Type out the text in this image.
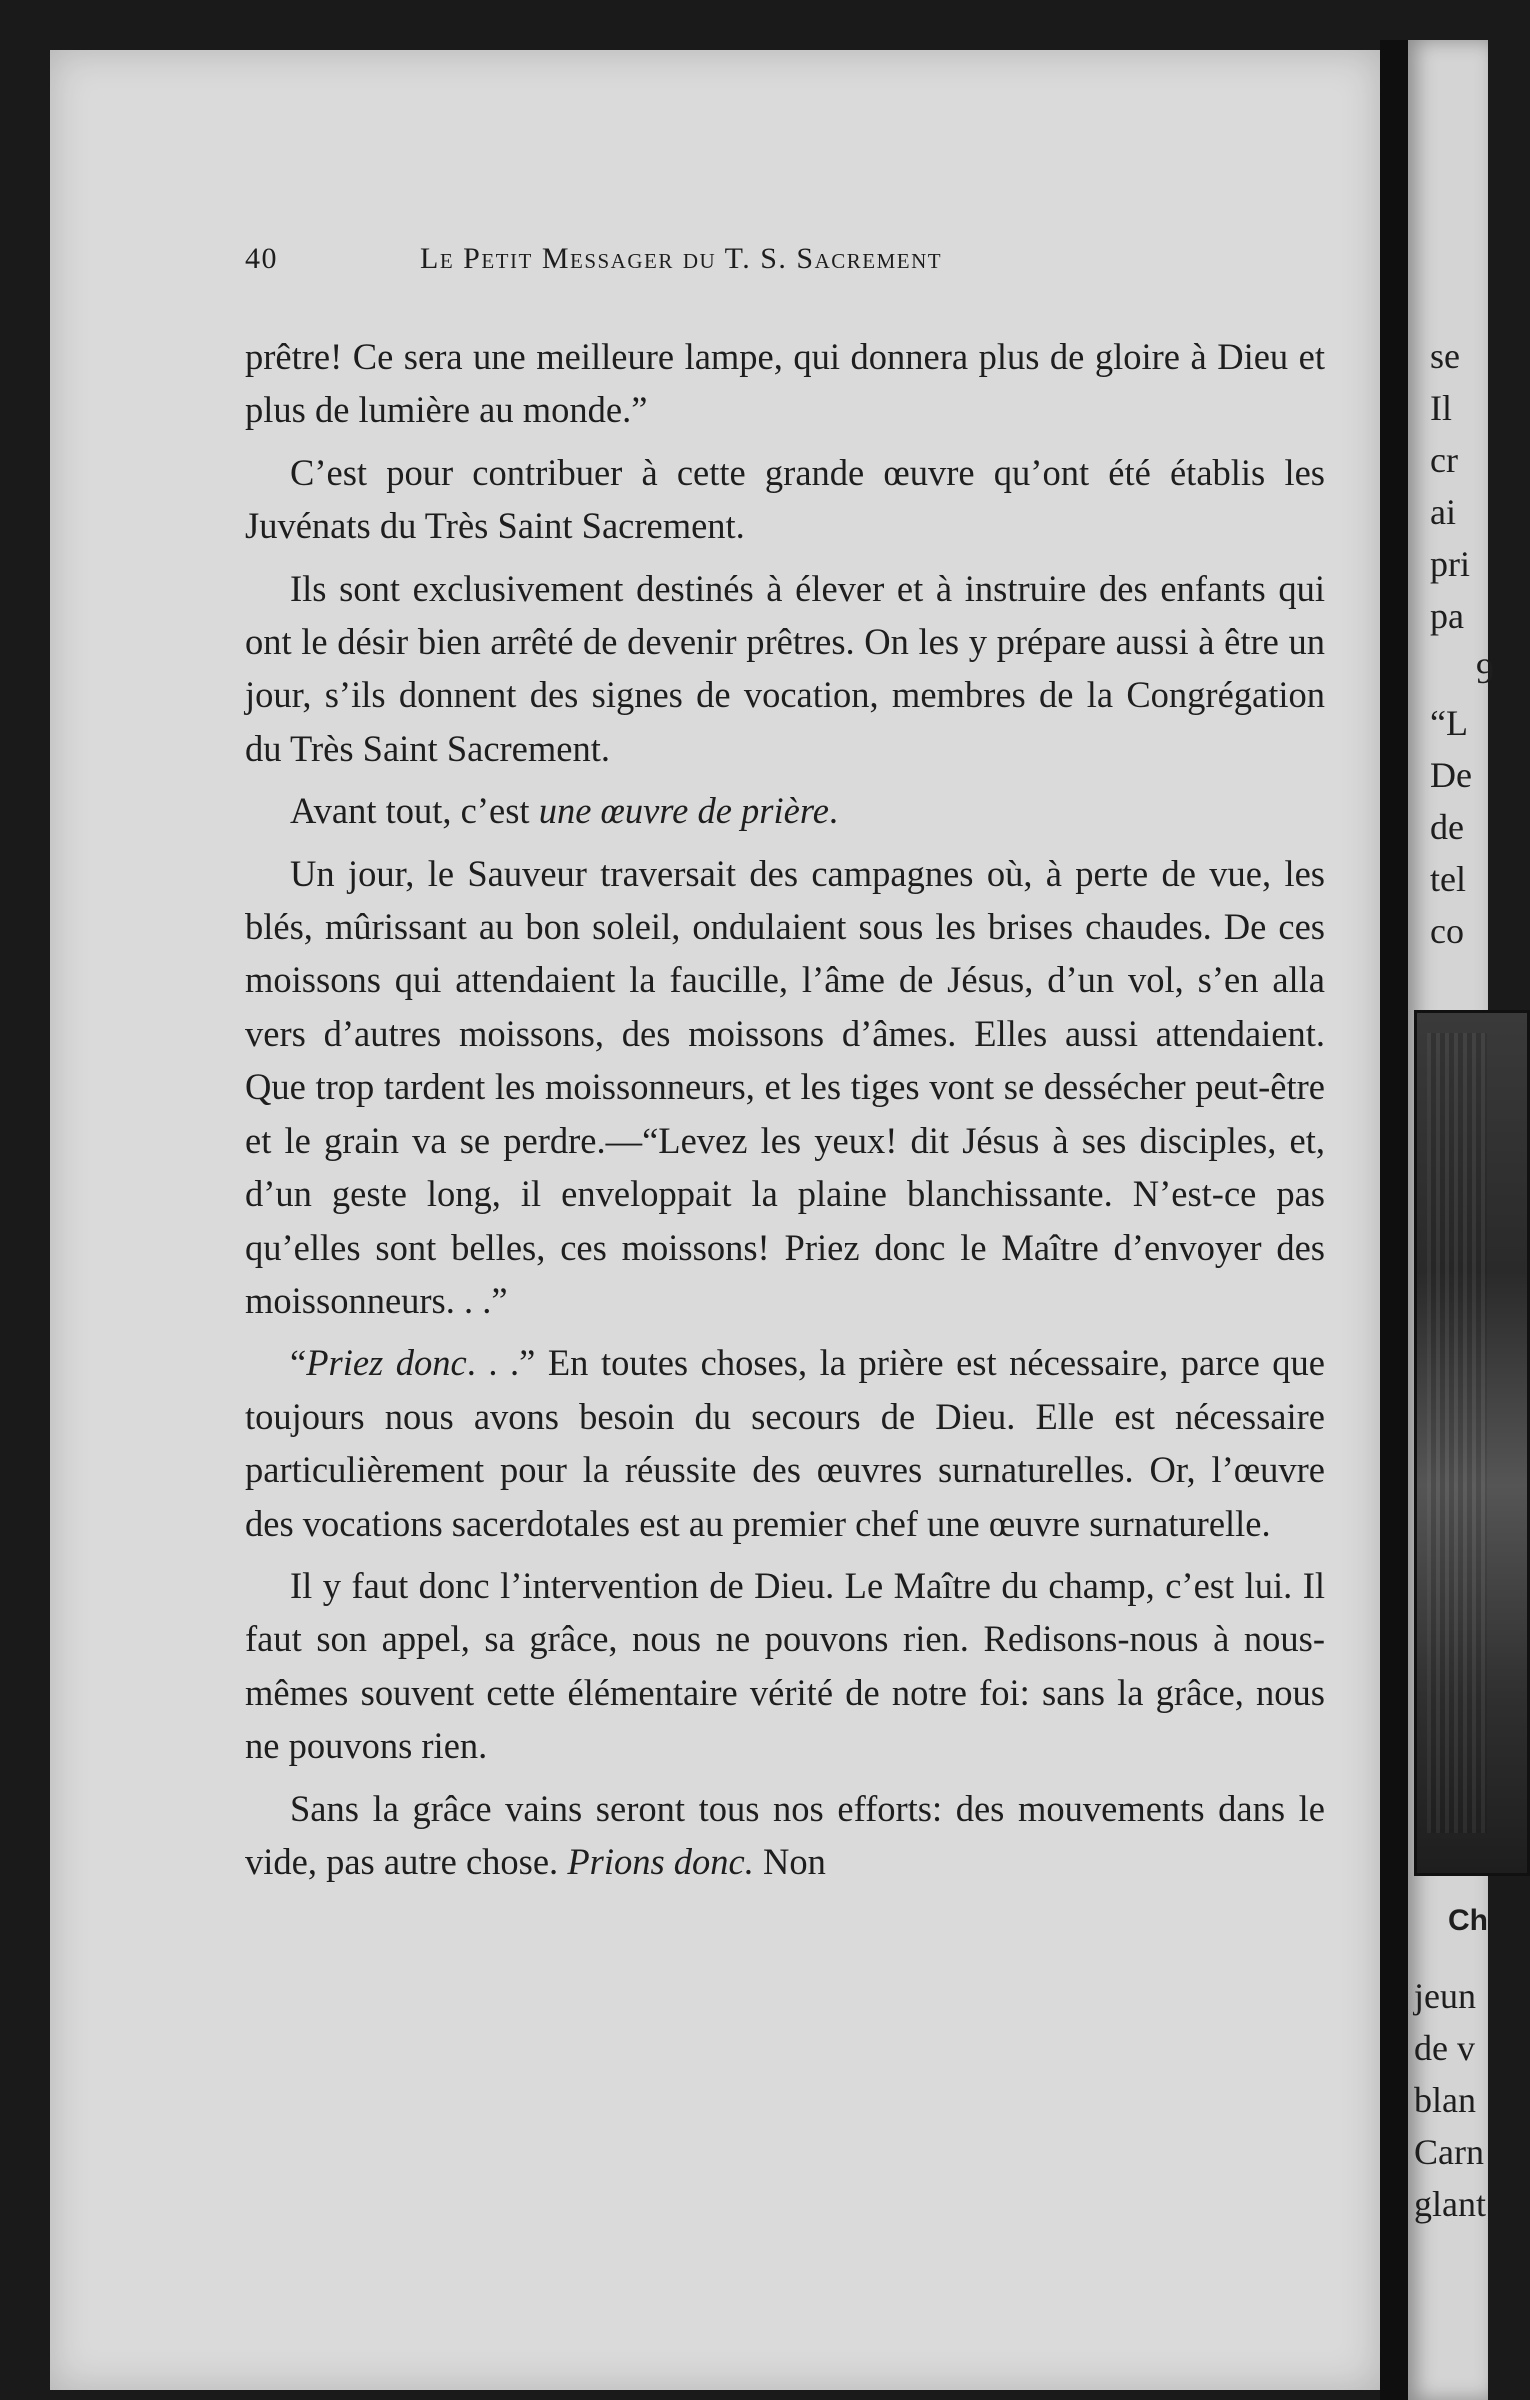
se
Il
cr
ai
pri
pa
9
“L
De
de
tel
co
Ch
jeun
de v
blan
Carn
glant
40	Le Petit Messager du T. S. Sacrement

prêtre! Ce sera une meilleure lampe, qui donnera plus de gloire à Dieu et plus de lumière au monde.”

C’est pour contribuer à cette grande œuvre qu’ont été établis les Juvénats du Très Saint Sacrement.

Ils sont exclusivement destinés à élever et à instruire des enfants qui ont le désir bien arrêté de devenir prêtres. On les y prépare aussi à être un jour, s’ils donnent des signes de vocation, membres de la Congrégation du Très Saint Sacrement.

Avant tout, c’est une œuvre de prière.

Un jour, le Sauveur traversait des campagnes où, à perte de vue, les blés, mûrissant au bon soleil, ondulaient sous les brises chaudes. De ces moissons qui attendaient la faucille, l’âme de Jésus, d’un vol, s’en alla vers d’autres moissons, des moissons d’âmes. Elles aussi attendaient. Que trop tardent les moissonneurs, et les tiges vont se dessécher peut-être et le grain va se perdre.—“Levez les yeux! dit Jésus à ses disciples, et, d’un geste long, il enveloppait la plaine blanchissante. N’est-ce pas qu’elles sont belles, ces moissons! Priez donc le Maître d’envoyer des moissonneurs. . .”

“Priez donc. . .” En toutes choses, la prière est nécessaire, parce que toujours nous avons besoin du secours de Dieu. Elle est nécessaire particulièrement pour la réussite des œuvres surnaturelles. Or, l’œuvre des vocations sacerdotales est au premier chef une œuvre surnaturelle.

Il y faut donc l’intervention de Dieu. Le Maître du champ, c’est lui. Il faut son appel, sa grâce, nous ne pouvons rien. Redisons-nous à nous-mêmes souvent cette élémentaire vérité de notre foi: sans la grâce, nous ne pouvons rien.

Sans la grâce vains seront tous nos efforts: des mouvements dans le vide, pas autre chose. Prions donc. Non
